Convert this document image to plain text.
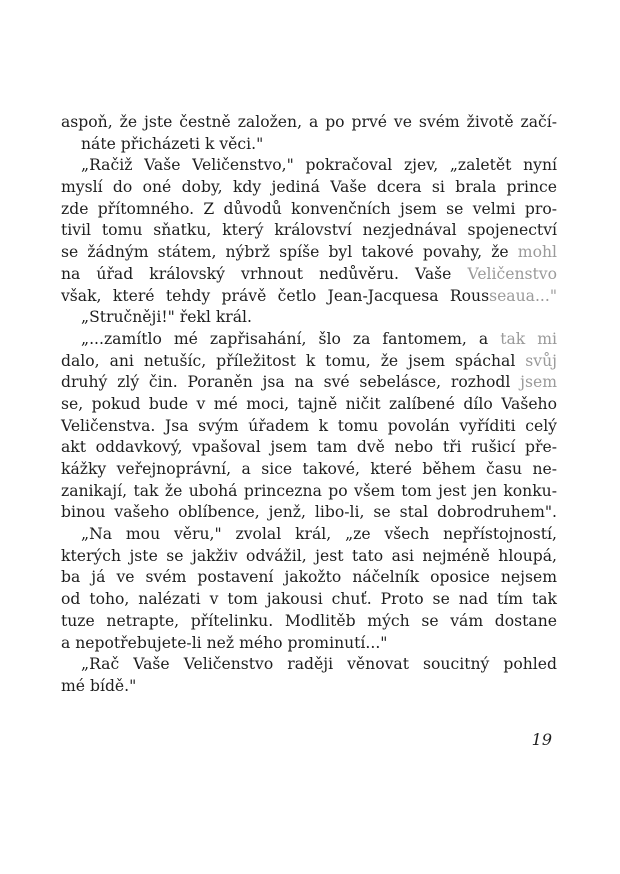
aspoň, že jste čestně založen, a po prvé ve svém životě začí-
náte přicházeti k věci."
„Račiž Vaše Veličenstvo," pokračoval zjev, „zaletět nyní
myslí do oné doby, kdy jediná Vaše dcera si brala prince
zde přítomného. Z důvodů konvenčních jsem se velmi pro-
tivil tomu sňatku, který království nezjednával spojenectví
se žádným státem, nýbrž spíše byl takové povahy, že mohl
na úřad královský vrhnout nedůvěru. Vaše Veličenstvo
však, které tehdy právě četlo Jean-Jacquesa Rousseaua..."
„Stručněji!" řekl král.
„...zamítlo mé zapřisahání, šlo za fantomem, a tak mi
dalo, ani netušíc, příležitost k tomu, že jsem spáchal svůj
druhý zlý čin. Poraněn jsa na své sebelásce, rozhodl jsem
se, pokud bude v mé moci, tajně ničit zalíbené dílo Vašeho
Veličenstva. Jsa svým úřadem k tomu povolán vyříditi celý
akt oddavkový, vpašoval jsem tam dvě nebo tři rušicí pře-
kážky veřejnoprávní, a sice takové, které během času ne-
zanikají, tak že ubohá princezna po všem tom jest jen konku-
binou vašeho oblíbence, jenž, libo-li, se stal dobrodruhem".
„Na mou věru," zvolal král, „ze všech nepřístojností,
kterých jste se jakživ odvážil, jest tato asi nejméně hloupá,
ba já ve svém postavení jakožto náčelník oposice nejsem
od toho, nalézati v tom jakousi chuť. Proto se nad tím tak
tuze netrapte, přítelinku. Modlitěb mých se vám dostane
a nepotřebujete-li než mého prominutí..."
„Rač Vaše Veličenstvo raději věnovat soucitný pohled
mé bídě."
19
